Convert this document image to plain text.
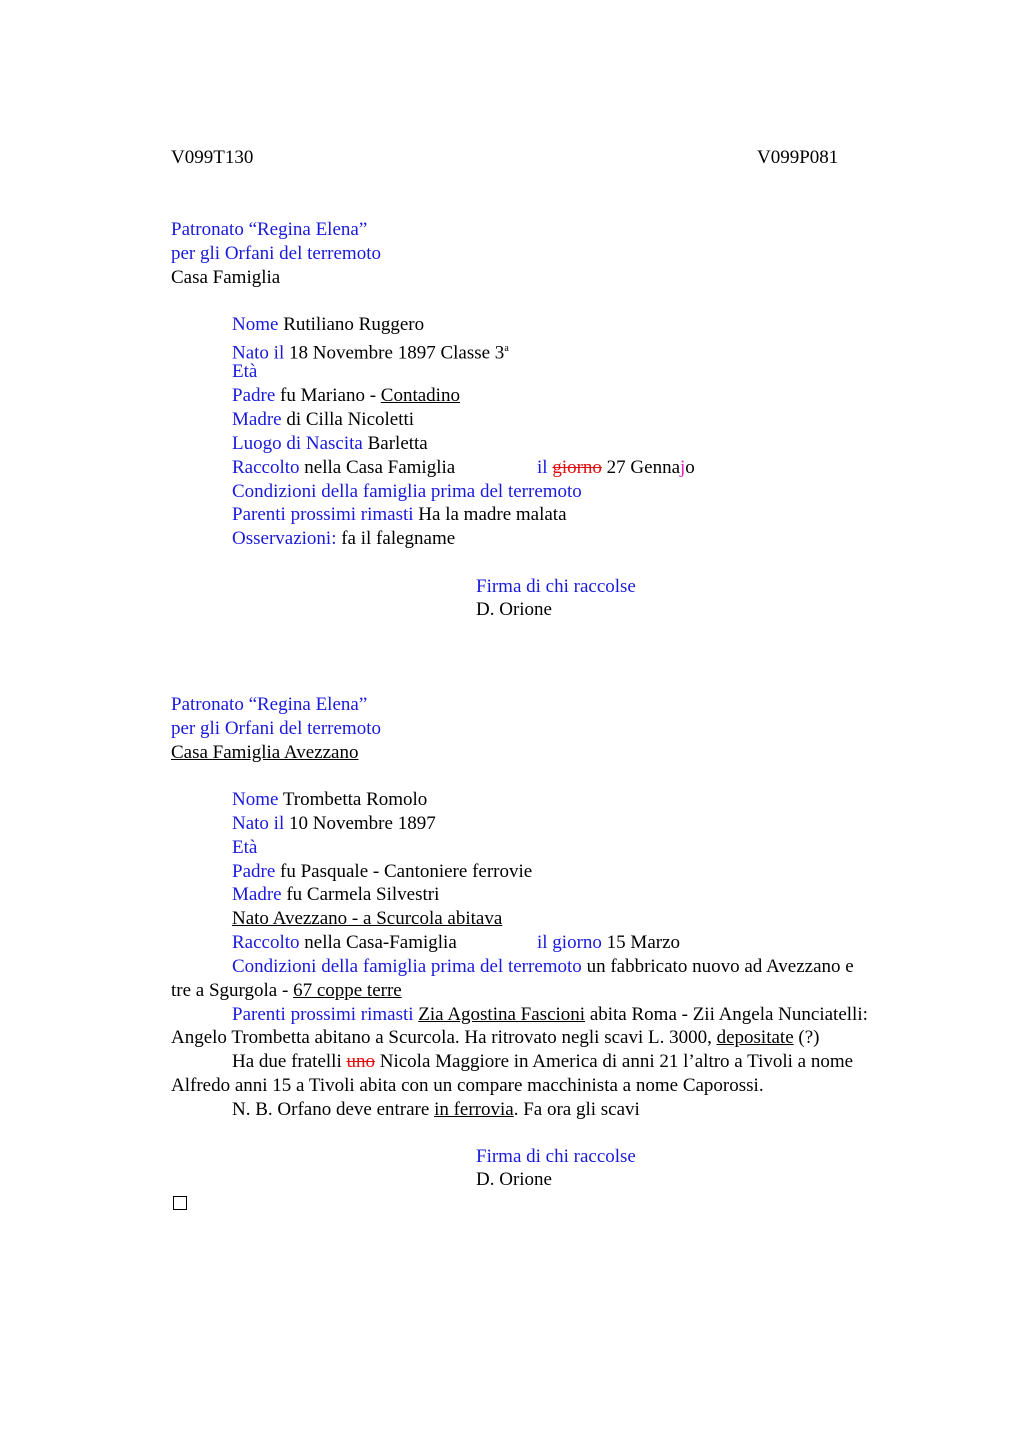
V099T130	V099P081
Patronato “Regina Elena”
per gli Orfani del terremoto
Casa Famiglia
Nome Rutiliano Ruggero
Nato il 18 Novembre 1897 Classe 3$^a$
Età
Padre fu Mariano - Contadino
Madre di Cilla Nicoletti
Luogo di Nascita Barletta
Raccolto nella Casa Famiglia	il giorno 27 Gennajo
Condizioni della famiglia prima del terremoto
Parenti prossimi rimasti Ha la madre malata
Osservazioni: fa il falegname
Firma di chi raccolse
D. Orione
Patronato “Regina Elena”
per gli Orfani del terremoto
Casa Famiglia Avezzano
Nome Trombetta Romolo
Nato il 10 Novembre 1897
Età
Padre fu Pasquale - Cantoniere ferrovie
Madre fu Carmela Silvestri
Nato Avezzano - a Scurcola abitava
Raccolto nella Casa-Famiglia	il giorno 15 Marzo
Condizioni della famiglia prima del terremoto un fabbricato nuovo ad Avezzano e
tre a Sgurgola - 67 coppe terre
Parenti prossimi rimasti Zia Agostina Fascioni abita Roma - Zii Angela Nunciatelli:
Angelo Trombetta abitano a Scurcola. Ha ritrovato negli scavi L. 3000, depositate (?)
Ha due fratelli uno Nicola Maggiore in America di anni 21 l’altro a Tivoli a nome
Alfredo anni 15 a Tivoli abita con un compare macchinista a nome Caporossi.
N. B. Orfano deve entrare in ferrovia. Fa ora gli scavi
Firma di chi raccolse
D. Orione
